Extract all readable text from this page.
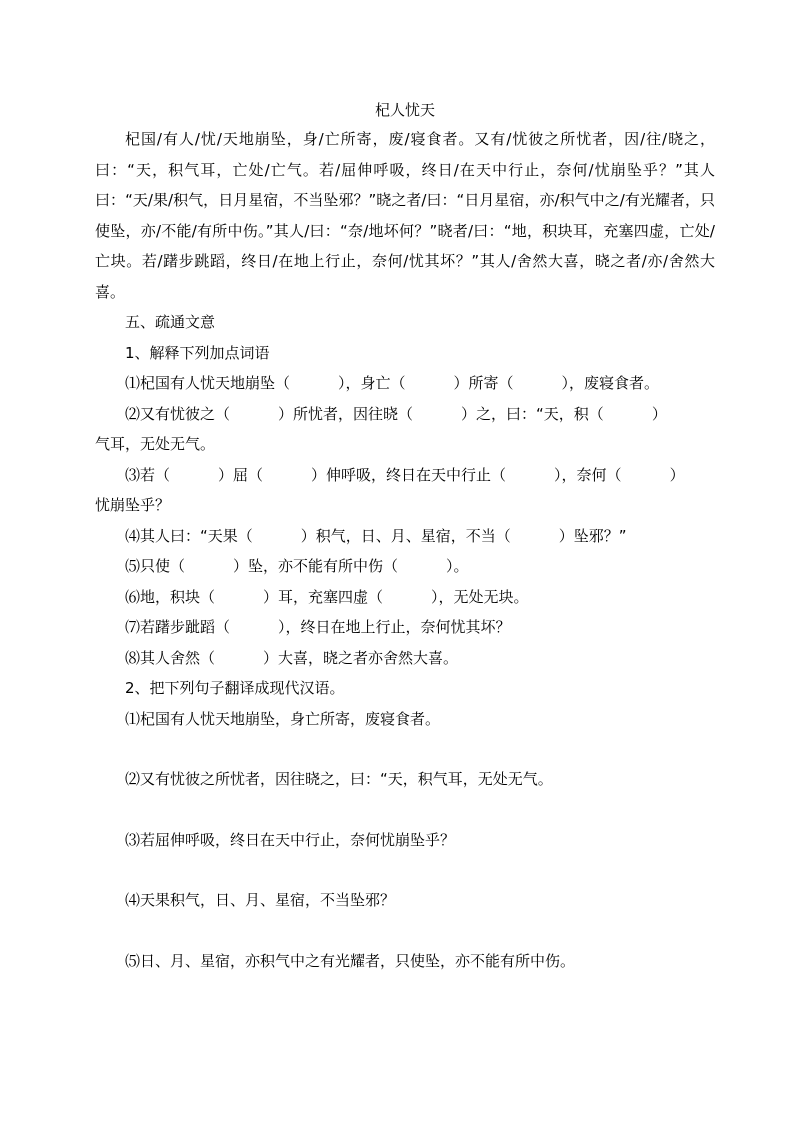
杞人忧天

杞国/有人/忧/天地崩坠，身/亡所寄，废/寝食者。又有/忧彼之所忧者，因/往/晓之，曰：“天，积气耳，亡处/亡气。若/屈伸呼吸，终日/在天中行止，奈何/忧崩坠乎？”其人曰：“天/果/积气，日月星宿，不当坠邪？”晓之者/曰：“日月星宿，亦/积气中之/有光耀者，只使坠，亦/不能/有所中伤。”其人/曰：“奈/地坏何？”晓者/曰：“地，积块耳，充塞四虚，亡处/亡块。若/躇步跳蹈，终日/在地上行止，奈何/忧其坏？”其人/舍然大喜，晓之者/亦/舍然大喜。

五、疏通文意

1、解释下列加点词语

⑴杞国有人忧天地崩坠（	），身亡（	）所寄（	），废寝食者。

⑵又有忧彼之（	）所忧者，因往晓（	）之，曰：“天，积（	）
气耳，无处无气。

⑶若（	）屈（	）伸呼吸，终日在天中行止（	），奈何（	）
忧崩坠乎？

⑷其人曰：“天果（	）积气，日、月、星宿，不当（	）坠邪？”

⑸只使（	）坠，亦不能有所中伤（	）。

⑹地，积块（	）耳，充塞四虚（	），无处无块。

⑺若躇步跐蹈（	），终日在地上行止，奈何忧其坏？

⑻其人舍然（	）大喜，晓之者亦舍然大喜。

2、把下列句子翻译成现代汉语。

⑴杞国有人忧天地崩坠，身亡所寄，废寝食者。

⑵又有忧彼之所忧者，因往晓之，曰：“天，积气耳，无处无气。

⑶若屈伸呼吸，终日在天中行止，奈何忧崩坠乎？

⑷天果积气，日、月、星宿，不当坠邪？

⑸日、月、星宿，亦积气中之有光耀者，只使坠，亦不能有所中伤。
